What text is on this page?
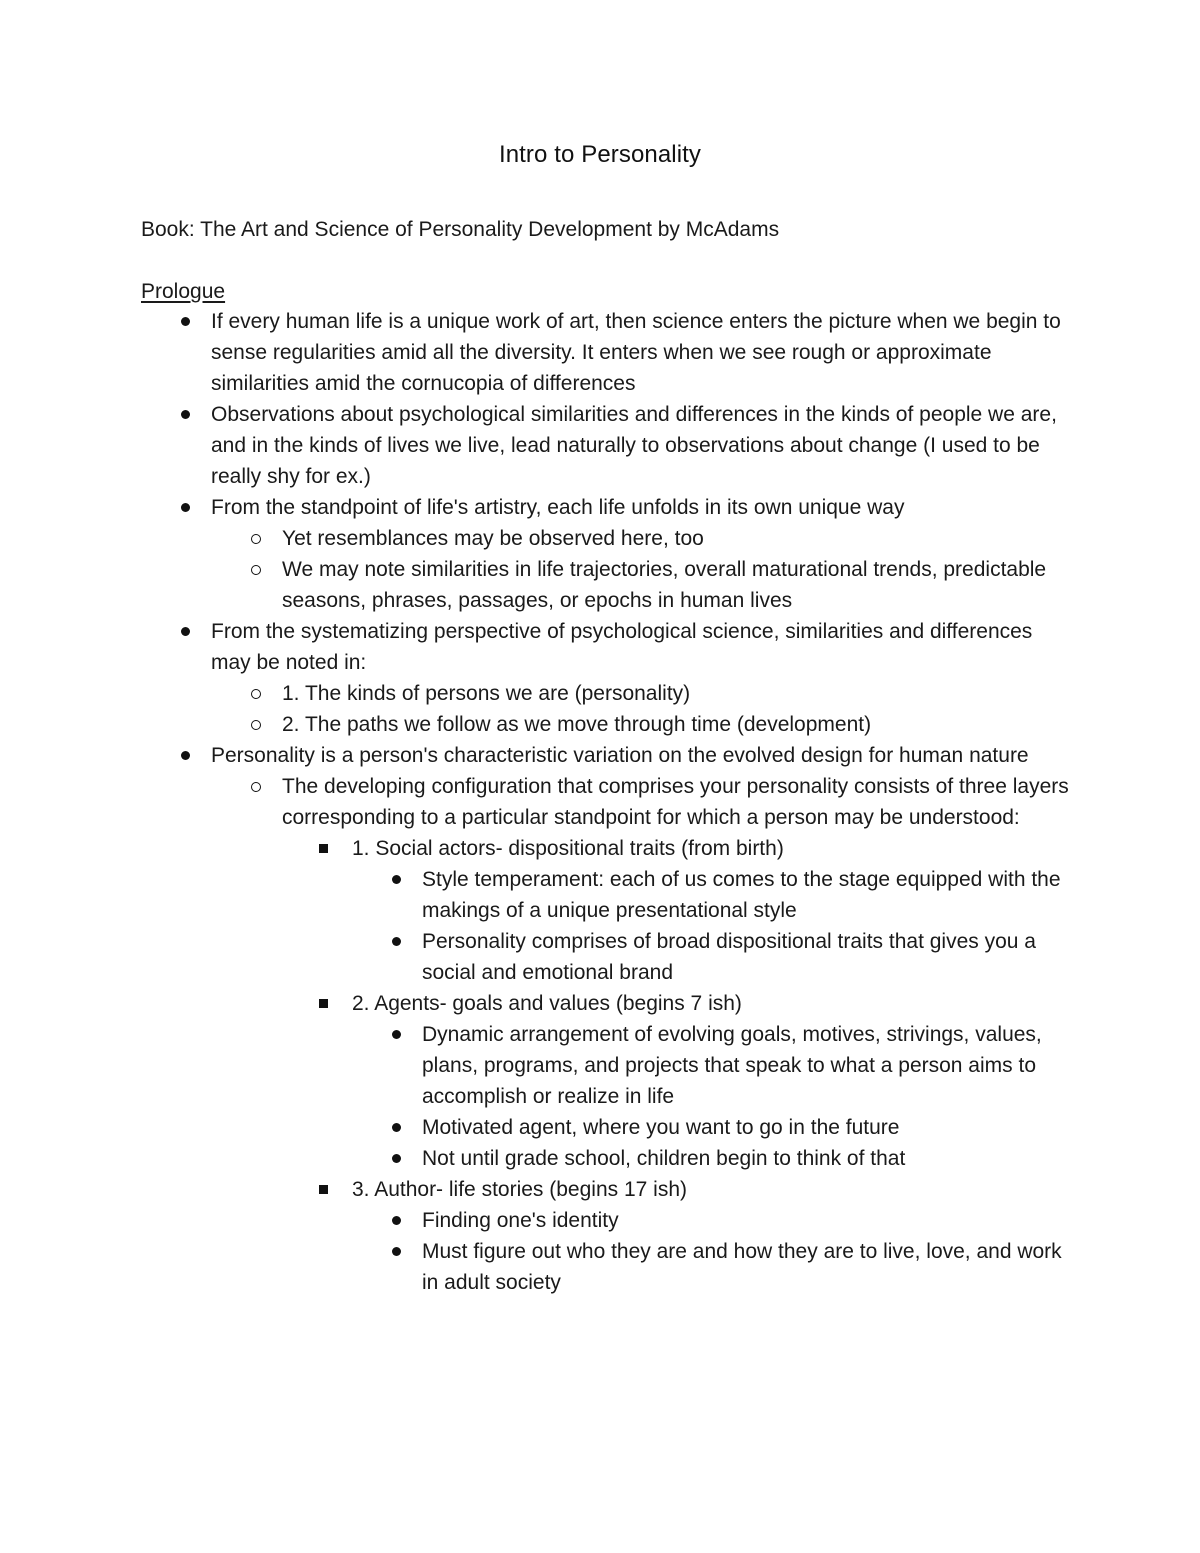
Intro to Personality
Book: The Art and Science of Personality Development by McAdams
Prologue
If every human life is a unique work of art, then science enters the picture when we begin to sense regularities amid all the diversity. It enters when we see rough or approximate similarities amid the cornucopia of differences
Observations about psychological similarities and differences in the kinds of people we are, and in the kinds of lives we live, lead naturally to observations about change (I used to be really shy for ex.)
From the standpoint of life's artistry, each life unfolds in its own unique way
Yet resemblances may be observed here, too
We may note similarities in life trajectories, overall maturational trends, predictable seasons, phrases, passages, or epochs in human lives
From the systematizing perspective of psychological science, similarities and differences may be noted in:
1. The kinds of persons we are (personality)
2. The paths we follow as we move through time (development)
Personality is a person's characteristic variation on the evolved design for human nature
The developing configuration that comprises your personality consists of three layers corresponding to a particular standpoint for which a person may be understood:
1. Social actors- dispositional traits (from birth)
Style temperament: each of us comes to the stage equipped with the makings of a unique presentational style
Personality comprises of broad dispositional traits that gives you a social and emotional brand
2. Agents- goals and values (begins 7 ish)
Dynamic arrangement of evolving goals, motives, strivings, values, plans, programs, and projects that speak to what a person aims to accomplish or realize in life
Motivated agent, where you want to go in the future
Not until grade school, children begin to think of that
3. Author- life stories (begins 17 ish)
Finding one's identity
Must figure out who they are and how they are to live, love, and work in adult society
